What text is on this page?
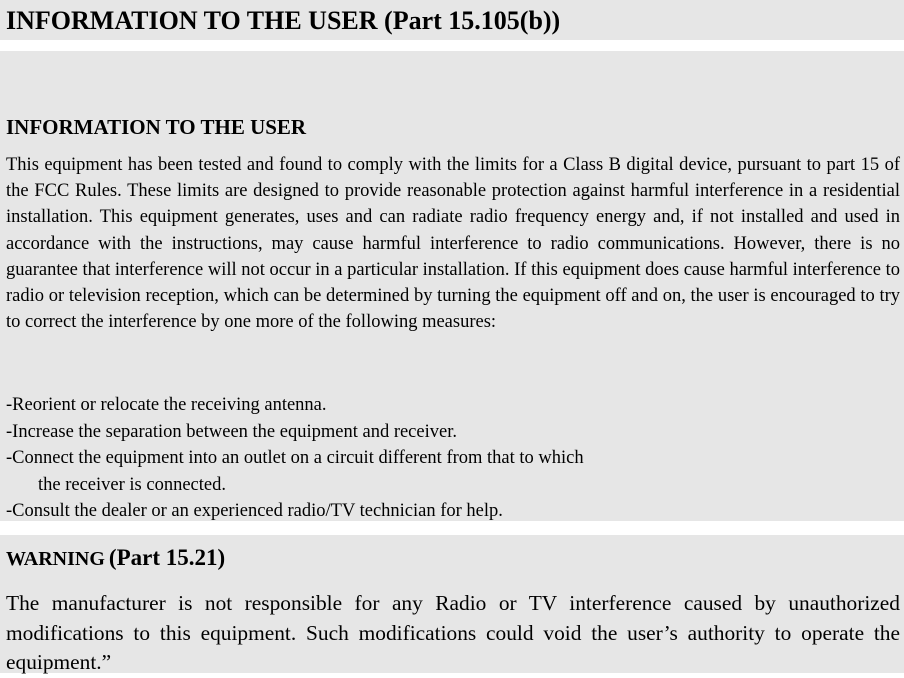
INFORMATION TO THE USER (Part 15.105(b))
INFORMATION TO THE USER
This equipment has been tested and found to comply with the limits for a Class B digital device, pursuant to part 15 of the FCC Rules. These limits are designed to provide reasonable protection against harmful interference in a residential installation. This equipment generates, uses and can radiate radio frequency energy and, if not installed and used in accordance with the instructions, may cause harmful interference to radio communications. However, there is no guarantee that interference will not occur in a particular installation. If this equipment does cause harmful interference to radio or television reception, which can be determined by turning the equipment off and on, the user is encouraged to try to correct the interference by one more of the following measures:
-Reorient or relocate the receiving antenna.
-Increase the separation between the equipment and receiver.
-Connect the equipment into an outlet on a circuit different from that to which
the receiver is connected.
-Consult the dealer or an experienced radio/TV technician for help.
WARNING (Part 15.21)
The manufacturer is not responsible for any Radio or TV interference caused by unauthorized modifications to this equipment. Such modifications could void the user’s authority to operate the equipment.”
